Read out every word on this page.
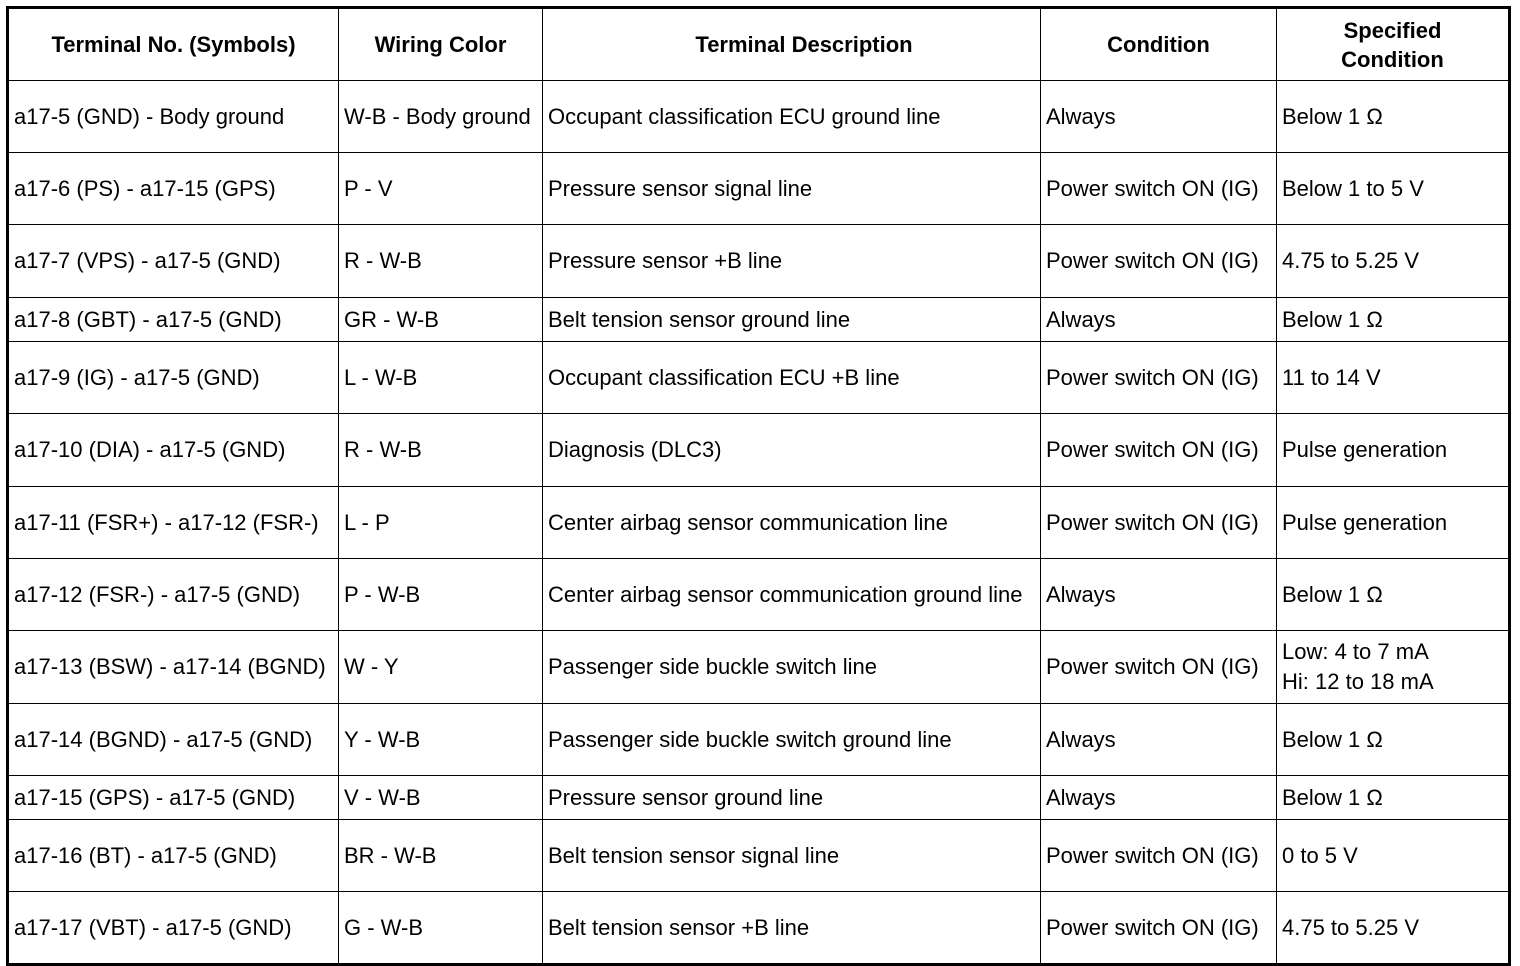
Terminal No. (Symbols)	Wiring Color	Terminal Description	Condition	Specified Condition
a17-5 (GND) - Body ground	W-B - Body ground	Occupant classification ECU ground line	Always	Below 1 Ω
a17-6 (PS) - a17-15 (GPS)	P - V	Pressure sensor signal line	Power switch ON (IG)	Below 1 to 5 V
a17-7 (VPS) - a17-5 (GND)	R - W-B	Pressure sensor +B line	Power switch ON (IG)	4.75 to 5.25 V
a17-8 (GBT) - a17-5 (GND)	GR - W-B	Belt tension sensor ground line	Always	Below 1 Ω
a17-9 (IG) - a17-5 (GND)	L - W-B	Occupant classification ECU +B line	Power switch ON (IG)	11 to 14 V
a17-10 (DIA) - a17-5 (GND)	R - W-B	Diagnosis (DLC3)	Power switch ON (IG)	Pulse generation
a17-11 (FSR+) - a17-12 (FSR-)	L - P	Center airbag sensor communication line	Power switch ON (IG)	Pulse generation
a17-12 (FSR-) - a17-5 (GND)	P - W-B	Center airbag sensor communication ground line	Always	Below 1 Ω
a17-13 (BSW) - a17-14 (BGND)	W - Y	Passenger side buckle switch line	Power switch ON (IG)	Low: 4 to 7 mA
Hi: 12 to 18 mA
a17-14 (BGND) - a17-5 (GND)	Y - W-B	Passenger side buckle switch ground line	Always	Below 1 Ω
a17-15 (GPS) - a17-5 (GND)	V - W-B	Pressure sensor ground line	Always	Below 1 Ω
a17-16 (BT) - a17-5 (GND)	BR - W-B	Belt tension sensor signal line	Power switch ON (IG)	0 to 5 V
a17-17 (VBT) - a17-5 (GND)	G - W-B	Belt tension sensor +B line	Power switch ON (IG)	4.75 to 5.25 V
